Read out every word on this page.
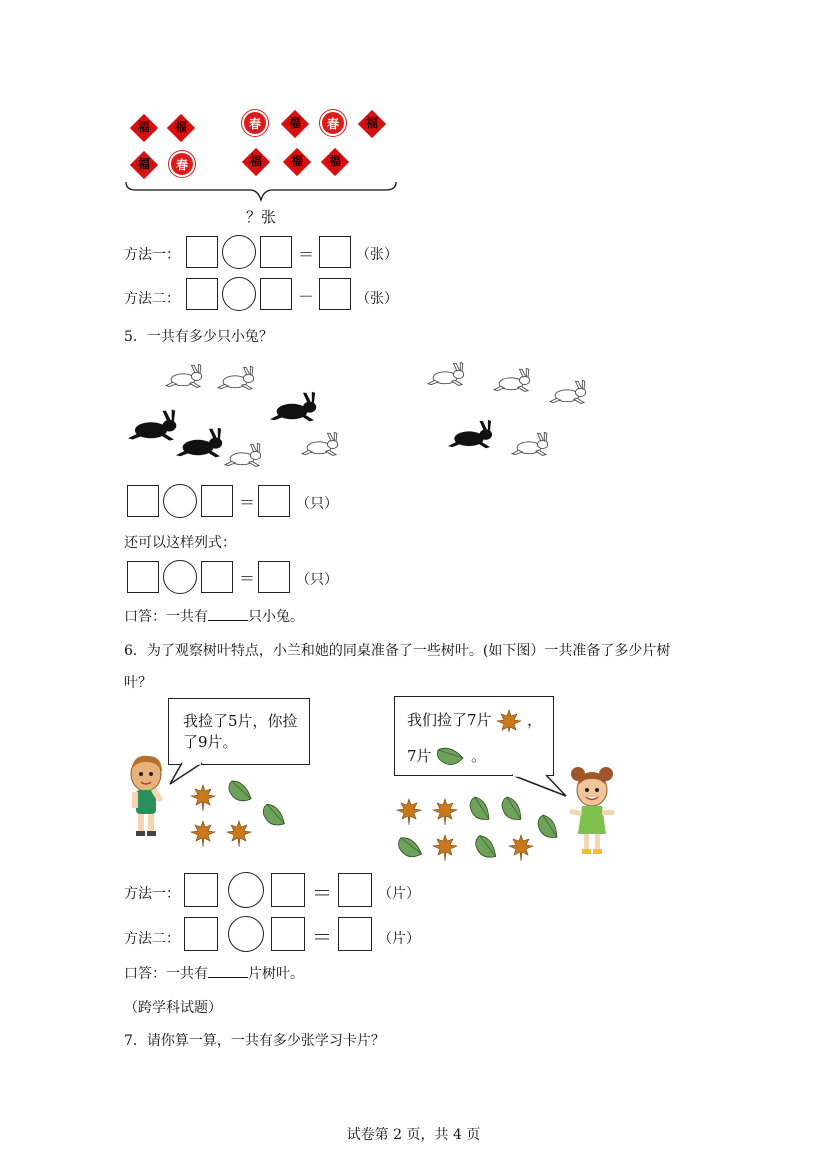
福	福	春	福	春	福
福	春	福	福	福
？张
方法一：	＝	（张）
方法二：	－	（张）
5．一共有多少只小兔？
＝	（只）
还可以这样列式：
＝	（只）
口答：一共有	只小兔。
6．为了观察树叶特点，小兰和她的同桌准备了一些树叶。(如下图）一共准备了多少片树
叶？
我捡了5片，你捡了9片。
我们捡了7片 ，
7片	。
方法一：	＝	（片）
方法二：	＝	（片）
口答：一共有	片树叶。
（跨学科试题）
7．请你算一算，一共有多少张学习卡片？
试卷第 2 页，共 4 页
